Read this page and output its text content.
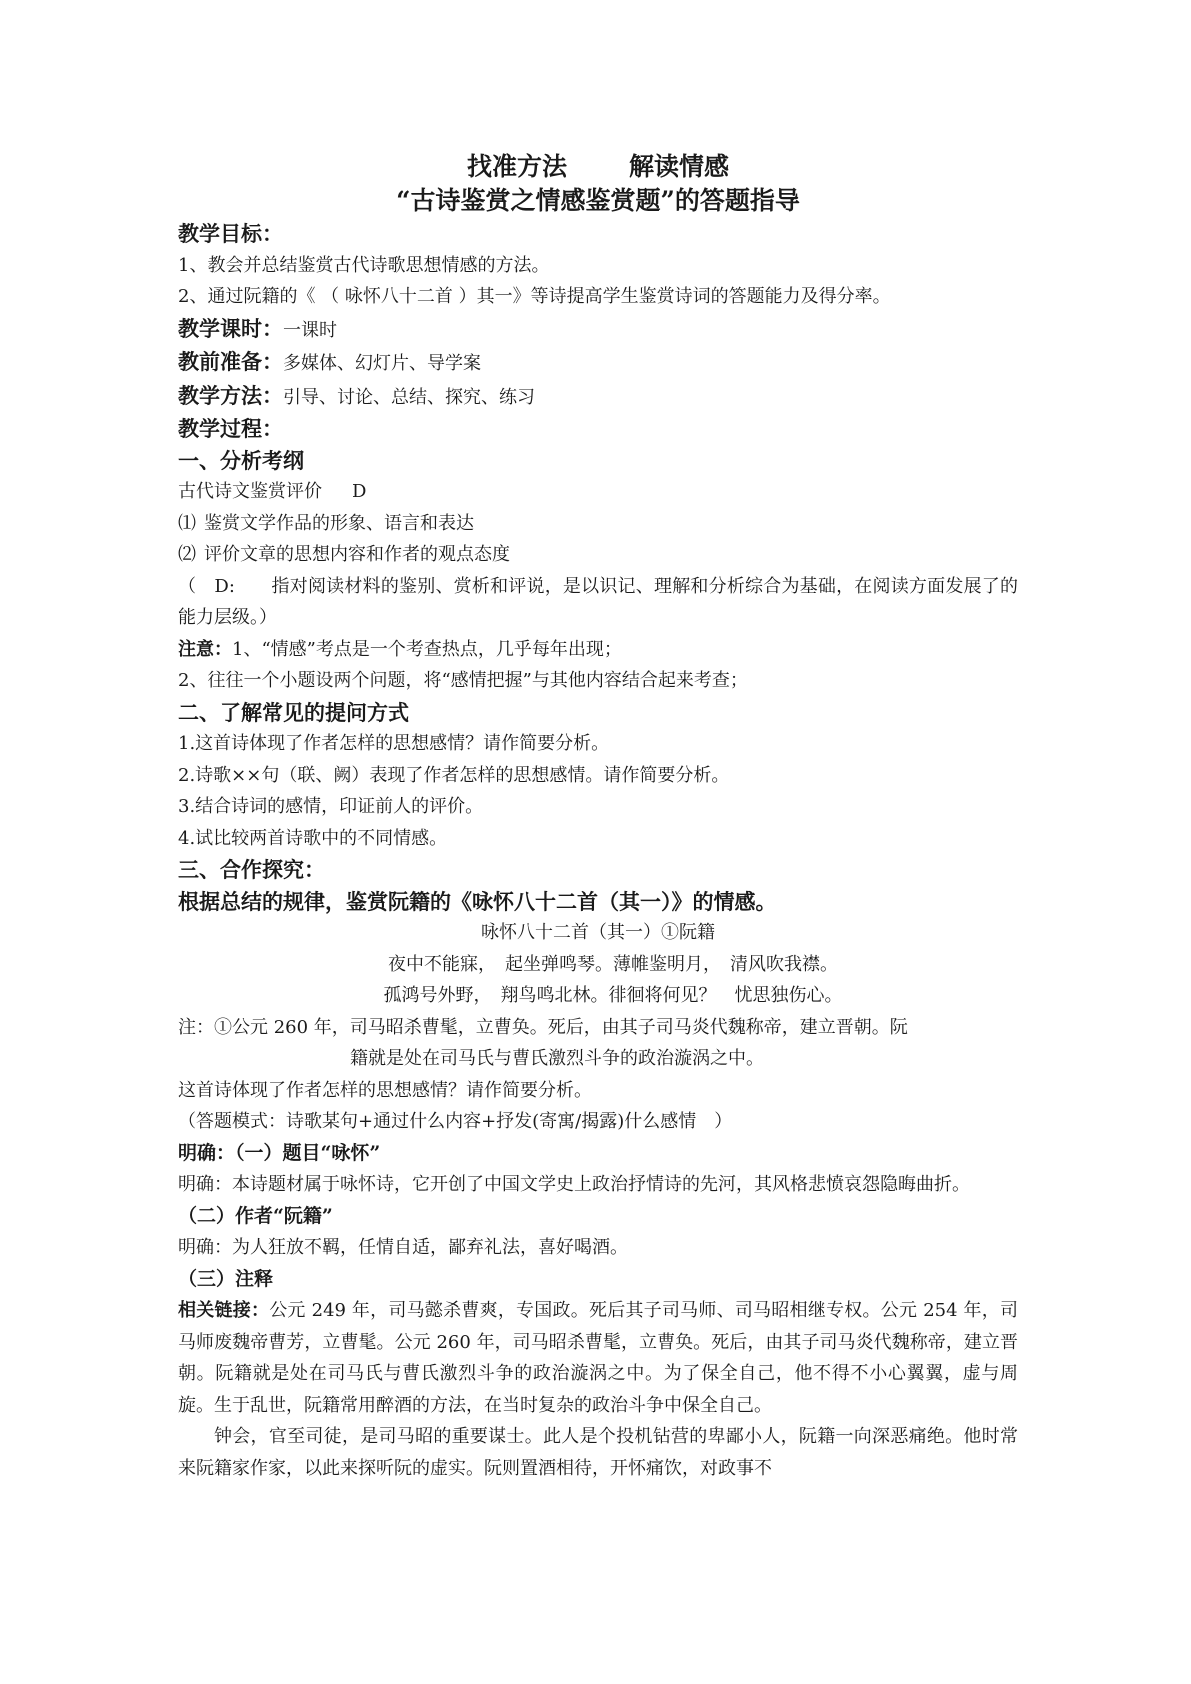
找准方法 解读情感

“古诗鉴赏之情感鉴赏题”的答题指导

教学目标：

1、教会并总结鉴赏古代诗歌思想情感的方法。

2、通过阮籍的《 （ 咏怀八十二首 ）其一》等诗提高学生鉴赏诗词的答题能力及得分率。

教学课时：一课时

教前准备：多媒体、幻灯片、导学案

教学方法：引导、讨论、总结、探究、练习

教学过程：

一、分析考纲

古代诗文鉴赏评价 D

⑴ 鉴赏文学作品的形象、语言和表达

⑵ 评价文章的思想内容和作者的观点态度

（　D:　　指对阅读材料的鉴别、赏析和评说，是以识记、理解和分析综合为基础，在阅读方面发展了的能力层级。）

注意：1、“情感”考点是一个考查热点，几乎每年出现；

2、往往一个小题设两个问题，将“感情把握”与其他内容结合起来考查；

二、了解常见的提问方式

1.这首诗体现了作者怎样的思想感情？请作简要分析。

2.诗歌××句（联、阙）表现了作者怎样的思想感情。请作简要分析。

3.结合诗词的感情，印证前人的评价。

4.试比较两首诗歌中的不同情感。

三、合作探究：

根据总结的规律，鉴赏阮籍的《咏怀八十二首（其一）》的情感。

咏怀八十二首（其一）①阮籍

夜中不能寐，　起坐弹鸣琴。薄帷鉴明月，　清风吹我襟。

孤鸿号外野，　翔鸟鸣北林。徘徊将何见？　忧思独伤心。

注：①公元 260 年，司马昭杀曹髦，立曹奂。死后，由其子司马炎代魏称帝，建立晋朝。阮

籍就是处在司马氏与曹氏激烈斗争的政治漩涡之中。

这首诗体现了作者怎样的思想感情？请作简要分析。

（答题模式：诗歌某句+通过什么内容+抒发(寄寓/揭露)什么感情　）

明确：（一）题目“咏怀”

明确：本诗题材属于咏怀诗，它开创了中国文学史上政治抒情诗的先河，其风格悲愤哀怨隐晦曲折。

（二）作者“阮籍”

明确：为人狂放不羁，任情自适，鄙弃礼法，喜好喝酒。

（三）注释

相关链接：公元 249 年，司马懿杀曹爽，专国政。死后其子司马师、司马昭相继专权。公元 254 年，司马师废魏帝曹芳，立曹髦。公元 260 年，司马昭杀曹髦，立曹奂。死后，由其子司马炎代魏称帝，建立晋朝。阮籍就是处在司马氏与曹氏激烈斗争的政治漩涡之中。为了保全自己，他不得不小心翼翼，虚与周旋。生于乱世，阮籍常用醉酒的方法，在当时复杂的政治斗争中保全自己。

钟会，官至司徒，是司马昭的重要谋士。此人是个投机钻营的卑鄙小人，阮籍一向深恶痛绝。他时常来阮籍家作家，以此来探听阮的虚实。阮则置酒相待，开怀痛饮，对政事不
